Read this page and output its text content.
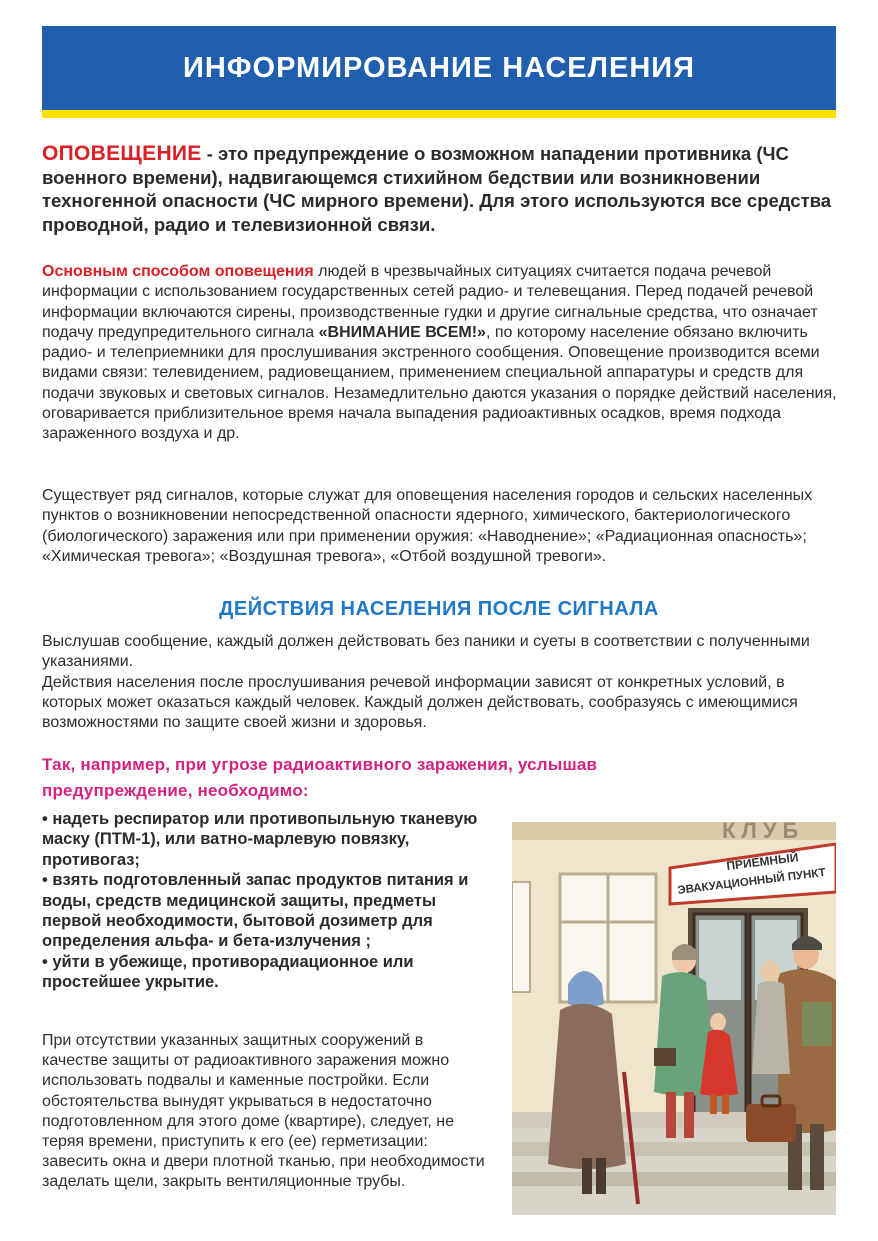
ИНФОРМИРОВАНИЕ НАСЕЛЕНИЯ
ОПОВЕЩЕНИЕ - это предупреждение о возможном нападении противника (ЧС военного времени), надвигающемся стихийном бедствии или возникновении техногенной опасности (ЧС мирного времени). Для этого используются все средства проводной, радио и телевизионной связи.
Основным способом оповещения людей в чрезвычайных ситуациях считается подача речевой информации с использованием государственных сетей радио- и телевещания. Перед подачей речевой информации включаются сирены, производственные гудки и другие сигнальные средства, что означает подачу предупредительного сигнала «ВНИМАНИЕ ВСЕМ!», по которому население обязано включить радио- и телеприемники для прослушивания экстренного сообщения. Оповещение производится всеми видами связи: телевидением, радиовещанием, применением специальной аппаратуры и средств для подачи звуковых и световых сигналов. Незамедлительно даются указания о порядке действий населения, оговаривается приблизительное время начала выпадения радиоактивных осадков, время подхода зараженного воздуха и др.
Существует ряд сигналов, которые служат для оповещения населения городов и сельских населенных пунктов о возникновении непосредственной опасности ядерного, химического, бактериологического (биологического) заражения или при применении оружия: «Наводнение»; «Радиационная опасность»; «Химическая тревога»; «Воздушная тревога», «Отбой воздушной тревоги».
ДЕЙСТВИЯ НАСЕЛЕНИЯ ПОСЛЕ СИГНАЛА
Выслушав сообщение, каждый должен действовать без паники и суеты в соответствии с полученными указаниями.
Действия населения после прослушивания речевой информации зависят от конкретных условий, в которых может оказаться каждый человек. Каждый должен действовать, сообразуясь с имеющимися возможностями по защите своей жизни и здоровья.
Так, например, при угрозе радиоактивного заражения, услышав предупреждение, необходимо:
• надеть респиратор или противопыльную тканевую маску (ПТМ-1), или ватно-марлевую повязку, противогаз;
• взять подготовленный запас продуктов питания и воды, средств медицинской защиты, предметы первой необходимости, бытовой дозиметр для определения альфа- и бета-излучения ;
• уйти в убежище, противорадиационное или простейшее укрытие.
При отсутствии указанных защитных сооружений в качестве защиты от радиоактивного заражения можно использовать подвалы и каменные постройки. Если обстоятельства вынудят укрываться в недостаточно подготовленном для этого доме (квартире), следует, не теряя времени, приступить к его (ее) герметизации: завесить окна и двери плотной тканью, при необходимости заделать щели, закрыть вентиляционные трубы.
КЛУБ
ПРИЕМНЫЙ
ЭВАКУАЦИОННЫЙ ПУНКТ
